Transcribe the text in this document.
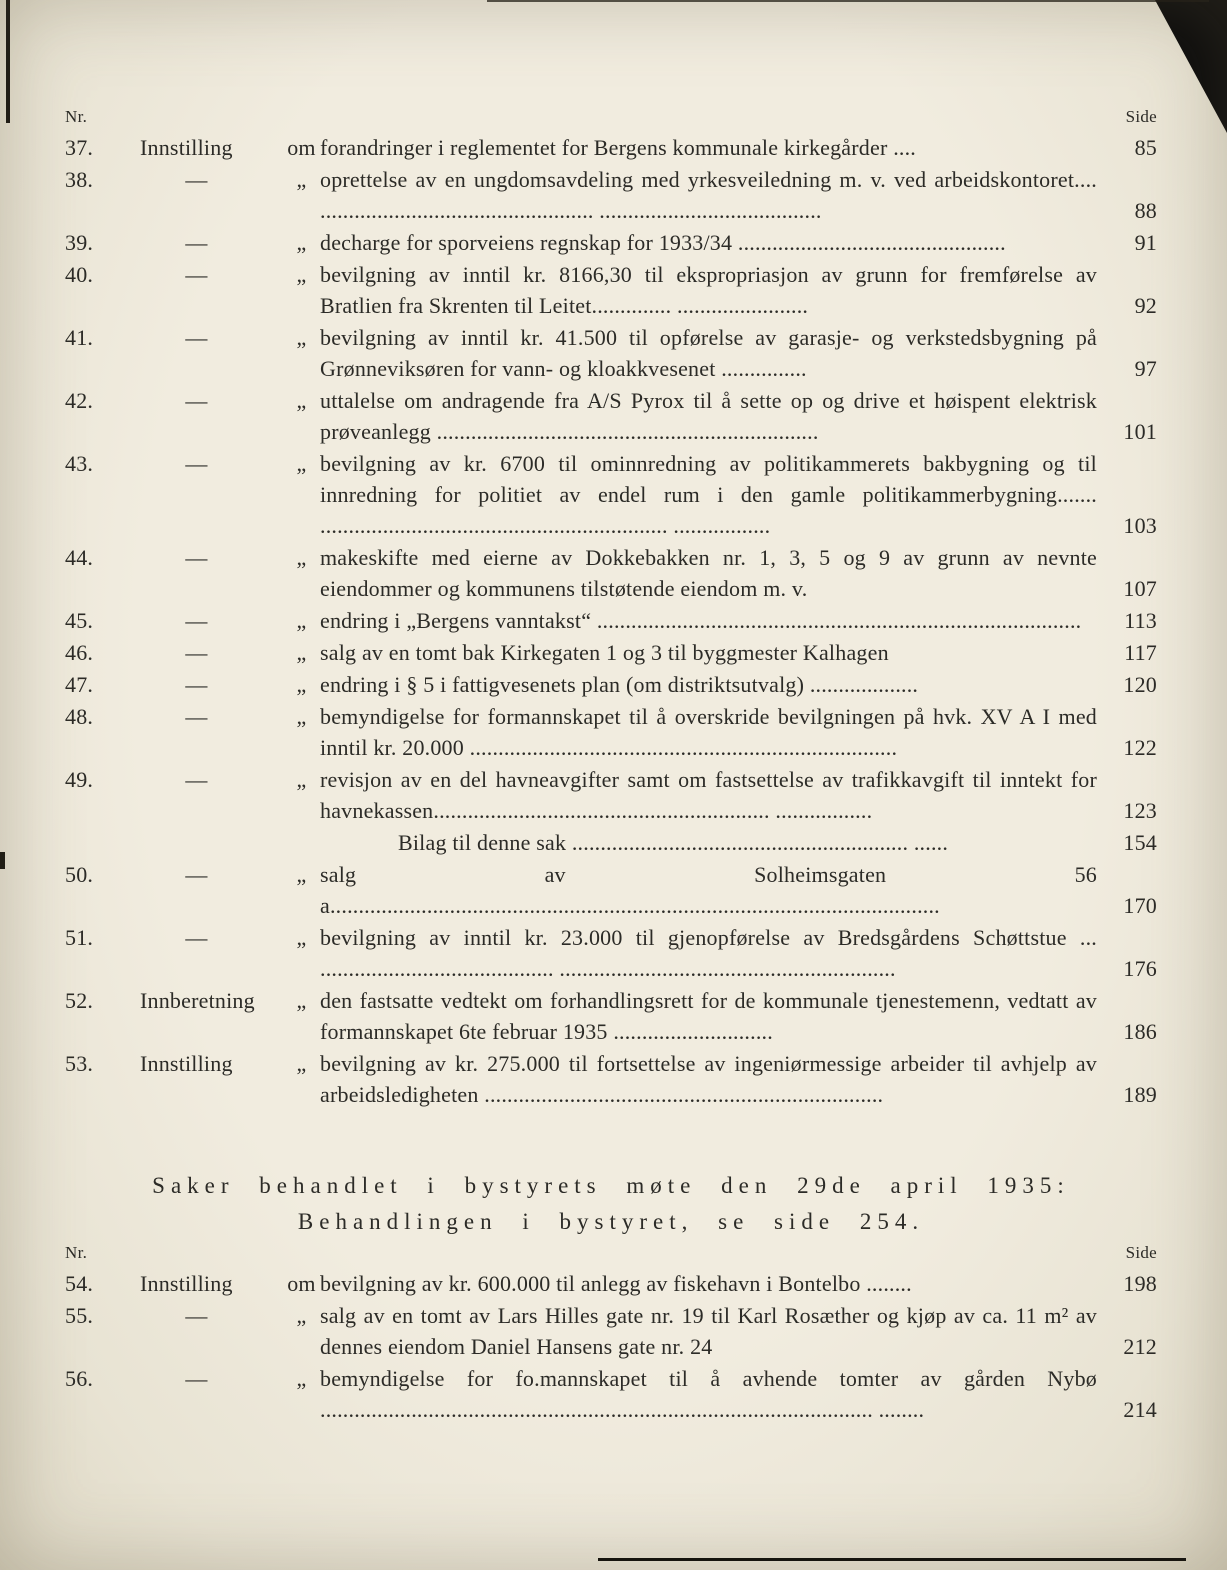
Nr.	Side
37.	Innstilling	om forandringer i reglementet for Bergens kommunale kirkegårder ....	85
38.	—	„ oprettelse av en ungdomsavdeling med yrkesveiledning m. v. ved arbeidskontoret.... ................................................ .......................................	88
39.	—	„ decharge for sporveiens regnskap for 1933/34 ...............................................	91
40.	—	„ bevilgning av inntil kr. 8166,30 til ekspropriasjon av grunn for fremførelse av Bratlien fra Skrenten til Leitet.............. .......................	92
41.	—	„ bevilgning av inntil kr. 41.500 til opførelse av garasje- og verkstedsbygning på Grønneviksøren for vann- og kloakkvesenet ...............	97
42.	—	„ uttalelse om andragende fra A/S Pyrox til å sette op og drive et høispent elektrisk prøveanlegg ...................................................................	101
43.	—	„ bevilgning av kr. 6700 til ominnredning av politikammerets bakbygning og til innredning for politiet av endel rum i den gamle politikammerbygning....... ............................................................. .................	103
44.	—	„ makeskifte med eierne av Dokkebakken nr. 1, 3, 5 og 9 av grunn av nevnte eiendommer og kommunens tilstøtende eiendom m. v.	107
45.	—	„ endring i „Bergens vanntakst“ .....................................................................................	113
46.	—	„ salg av en tomt bak Kirkegaten 1 og 3 til byggmester Kalhagen	117
47.	—	„ endring i § 5 i fattigvesenets plan (om distriktsutvalg) ...................	120
48.	—	„ bemyndigelse for formannskapet til å overskride bevilgningen på hvk. XV A I med inntil kr. 20.000 ...........................................................................	122
49.	—	„ revisjon av en del havneavgifter samt om fastsettelse av trafikkavgift til inntekt for havnekassen........................................................... .................	123
Bilag til denne sak ........................................................... ......	154
50.	—	„ salg av Solheimsgaten 56 a...........................................................................................................	170
51.	—	„ bevilgning av inntil kr. 23.000 til gjenopførelse av Bredsgårdens Schøttstue ... ......................................... ...........................................................	176
52.	Innberetning	„ den fastsatte vedtekt om forhandlingsrett for de kommunale tjenestemenn, vedtatt av formannskapet 6te februar 1935 ............................	186
53.	Innstilling	„ bevilgning av kr. 275.000 til fortsettelse av ingeniørmessige arbeider til avhjelp av arbeidsledigheten ......................................................................	189
Saker behandlet i bystyrets møte den 29de april 1935:
Behandlingen i bystyret, se side 254.
Nr.	Side
54.	Innstilling	om bevilgning av kr. 600.000 til anlegg av fiskehavn i Bontelbo ........	198
55.	—	„ salg av en tomt av Lars Hilles gate nr. 19 til Karl Rosæther og kjøp av ca. 11 m² av dennes eiendom Daniel Hansens gate nr. 24	212
56.	—	„ bemyndigelse for fo.mannskapet til å avhende tomter av gården Nybø ................................................................................................. ........	214
